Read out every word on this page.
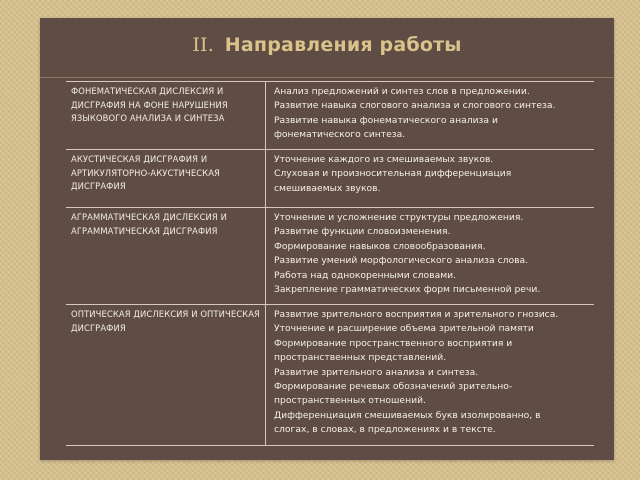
II. Направления работы
ФОНЕМАТИЧЕСКАЯ ДИСЛЕКСИЯ И ДИСГРАФИЯ НА ФОНЕ НАРУШЕНИЯ ЯЗЫКОВОГО АНАЛИЗА И СИНТЕЗА
Анализ предложений и синтез слов в предложении.
Развитие навыка слогового анализа и слогового синтеза.
Развитие навыка фонематического анализа и
фонематического синтеза.
АКУСТИЧЕСКАЯ ДИСГРАФИЯ И АРТИКУЛЯТОРНО-АКУСТИЧЕСКАЯ ДИСГРАФИЯ
Уточнение каждого из смешиваемых звуков.
Слуховая и произносительная дифференциация
смешиваемых звуков.
АГРАММАТИЧЕСКАЯ ДИСЛЕКСИЯ И АГРАММАТИЧЕСКАЯ ДИСГРАФИЯ
Уточнение и усложнение структуры предложения.
Развитие функции словоизменения.
Формирование навыков словообразования.
Развитие умений морфологического анализа слова.
Работа над однокоренными словами.
Закрепление грамматических форм письменной речи.
ОПТИЧЕСКАЯ ДИСЛЕКСИЯ И ОПТИЧЕСКАЯ ДИСГРАФИЯ
Развитие зрительного восприятия и зрительного гнозиса.
Уточнение и расширение объема зрительной памяти
Формирование пространственного восприятия и
пространственных представлений.
Развитие зрительного анализа и синтеза.
Формирование речевых обозначений зрительно-
пространственных отношений.
Дифференциация смешиваемых букв изолированно, в
слогах, в словах, в предложениях и в тексте.
